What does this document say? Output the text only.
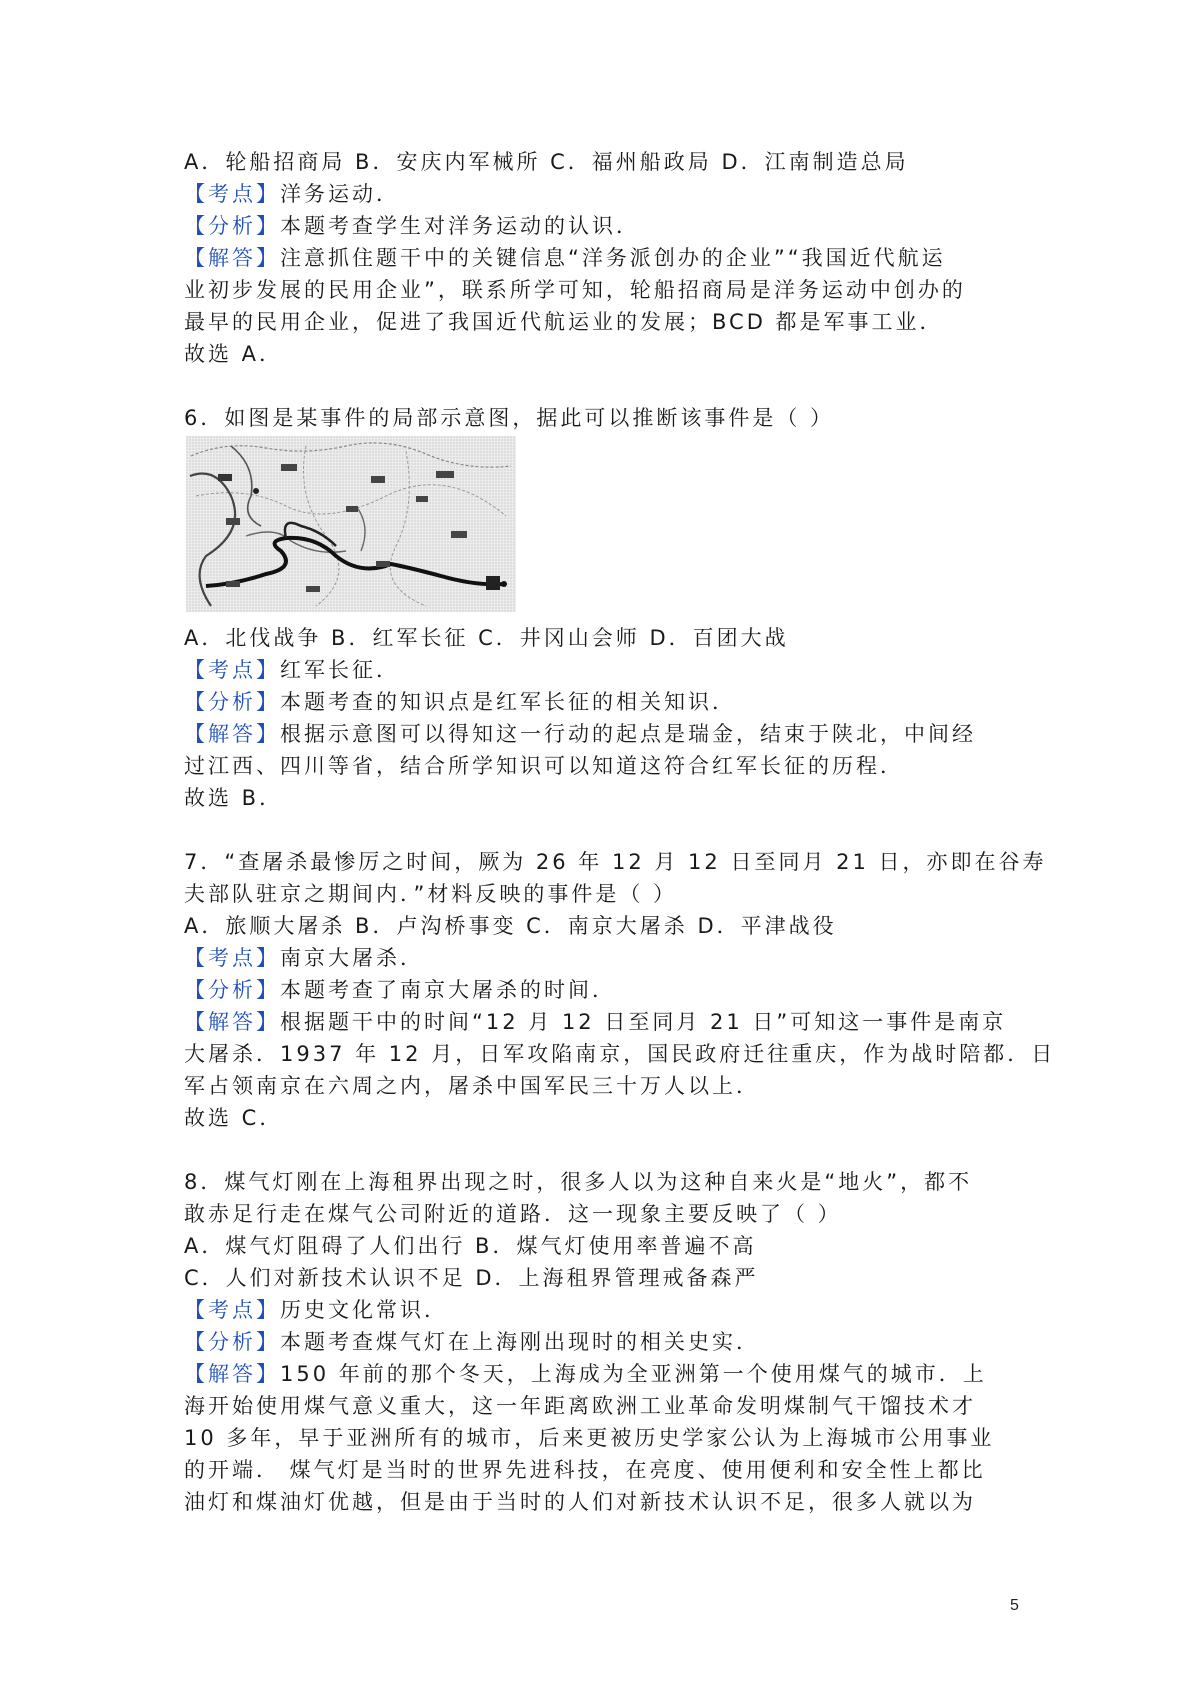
A．轮船招商局 B．安庆内军械所 C．福州船政局 D．江南制造总局
【考点】洋务运动．
【分析】本题考查学生对洋务运动的认识．
【解答】注意抓住题干中的关键信息“洋务派创办的企业”“我国近代航运
业初步发展的民用企业”，联系所学可知，轮船招商局是洋务运动中创办的
最早的民用企业，促进了我国近代航运业的发展；BCD 都是军事工业．
故选 A．
6．如图是某事件的局部示意图，据此可以推断该事件是（ ）
A．北伐战争 B．红军长征 C．井冈山会师 D．百团大战
【考点】红军长征．
【分析】本题考查的知识点是红军长征的相关知识．
【解答】根据示意图可以得知这一行动的起点是瑞金，结束于陕北，中间经
过江西、四川等省，结合所学知识可以知道这符合红军长征的历程．
故选 B．
7．“查屠杀最惨厉之时间，厥为 26 年 12 月 12 日至同月 21 日，亦即在谷寿
夫部队驻京之期间内．”材料反映的事件是（ ）
A．旅顺大屠杀 B．卢沟桥事变 C．南京大屠杀 D．平津战役
【考点】南京大屠杀．
【分析】本题考查了南京大屠杀的时间．
【解答】根据题干中的时间“12 月 12 日至同月 21 日”可知这一事件是南京
大屠杀．1937 年 12 月，日军攻陷南京，国民政府迁往重庆，作为战时陪都．日
军占领南京在六周之内，屠杀中国军民三十万人以上．
故选 C．
8．煤气灯刚在上海租界出现之时，很多人以为这种自来火是“地火”，都不
敢赤足行走在煤气公司附近的道路．这一现象主要反映了（ ）
A．煤气灯阻碍了人们出行 B．煤气灯使用率普遍不高
C．人们对新技术认识不足 D．上海租界管理戒备森严
【考点】历史文化常识．
【分析】本题考查煤气灯在上海刚出现时的相关史实．
【解答】150 年前的那个冬天，上海成为全亚洲第一个使用煤气的城市．上
海开始使用煤气意义重大，这一年距离欧洲工业革命发明煤制气干馏技术才
10 多年，早于亚洲所有的城市，后来更被历史学家公认为上海城市公用事业
的开端． 煤气灯是当时的世界先进科技，在亮度、使用便利和安全性上都比
油灯和煤油灯优越，但是由于当时的人们对新技术认识不足，很多人就以为
5
